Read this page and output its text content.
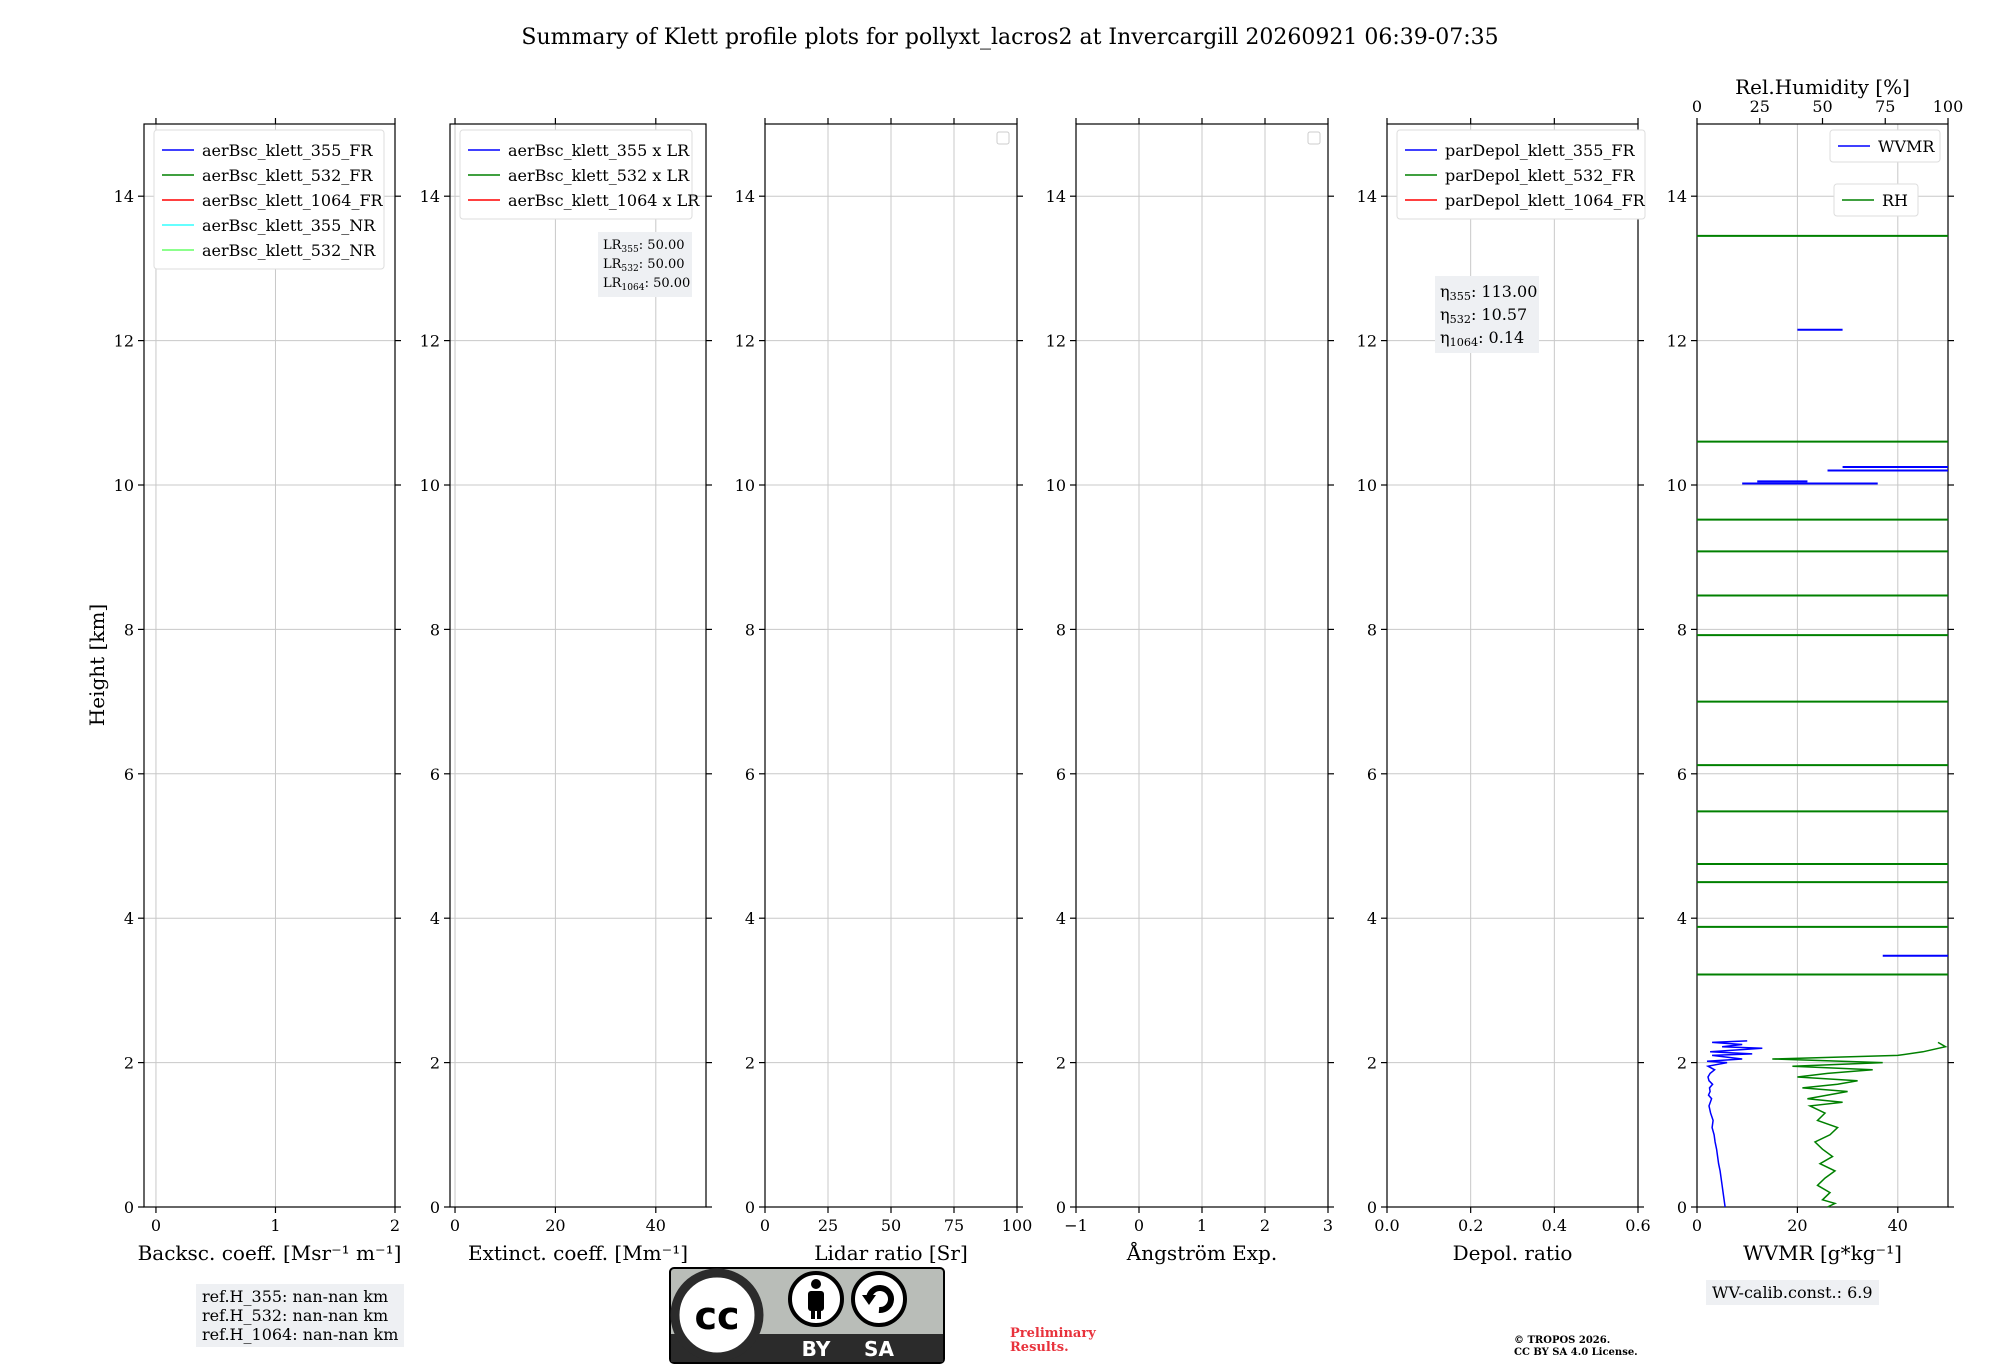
Summary of Klett profile plots for pollyxt_lacros2 at Invercargill 20260921 06:39-07:35
Height [km]
0	1	2
0
2
4
6
8
10
12
14
Backsc. coeff. [Msr⁻¹ m⁻¹]
aerBsc_klett_355_FR
aerBsc_klett_532_FR
aerBsc_klett_1064_FR
aerBsc_klett_355_NR
aerBsc_klett_532_NR
0	20	40
0
2
4
6
8
10
12
14
Extinct. coeff. [Mm⁻¹]
aerBsc_klett_355 x LR
aerBsc_klett_532 x LR
aerBsc_klett_1064 x LR
$LR_{355}$: 50.00
$LR_{532}$: 50.00
$LR_{1064}$: 50.00
0	25	50	75 100
0
2
4
6
8
10
12
14
Lidar ratio [Sr]
−1	0	1	2	3
0
2
4
6
8
10
12
14
Ångström Exp.
0.0	0.2	0.4	0.6
0
2
4
6
8
10
12
14
Depol. ratio
parDepol_klett_355_FR
parDepol_klett_532_FR
parDepol_klett_1064_FR
η355: 113.00
η532: 10.57
η1064: 0.14
0	20	40
0
2
4
6
8
10
12
14
WVMR [g*kg⁻¹]
0	25	50	75 100
Rel.Humidity [%]
WVMR
RH
ref.H_355: nan-nan km
ref.H_532: nan-nan km
ref.H_1064: nan-nan km	cc
BY SA
Preliminary
Results.	© TROPOS 2026.
CC BY SA 4.0 License.
WV-calib.const.: 6.9
